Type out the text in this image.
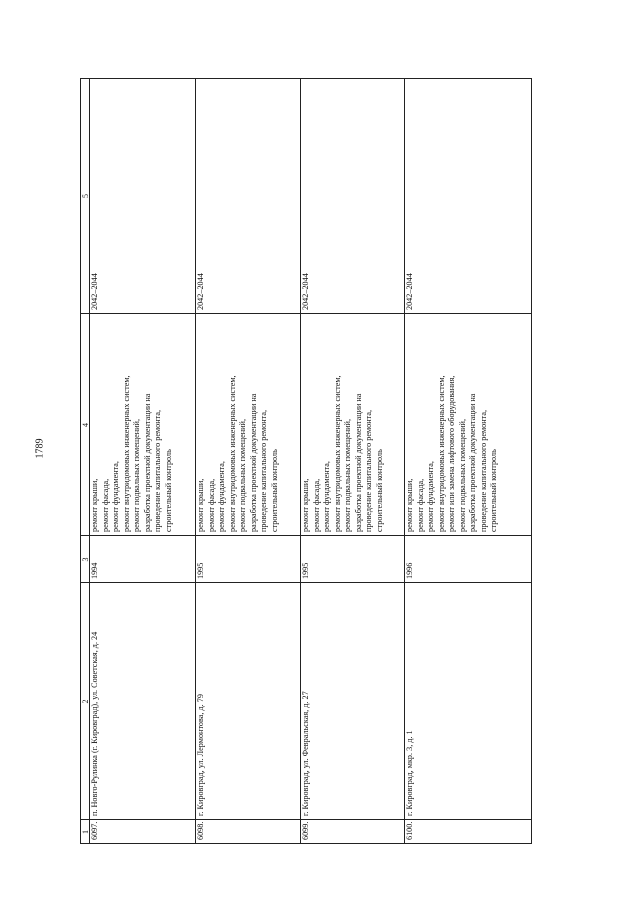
1789
1
2
3
4
5
6097.
п. Новго-Рулинка (г. Кировград), ул. Советская, д. 24
1994
ремонт крыши, ремонт фасада, ремонт фундамента, ремонт внутридомовых инженерных систем, ремонт подвальных помещений, разработка проектной документации на проведение капитального ремонта, строительный контроль
2042–2044
6098.
г. Кировград, ул. Лермонтова, д. 79
1995
ремонт крыши, ремонт фасада, ремонт фундамента, ремонт внутридомовых инженерных систем, ремонт подвальных помещений, разработка проектной документации на проведение капитального ремонта, строительный контроль
2042–2044
6099.
г. Кировград, ул. Февральская, д. 27
1995
ремонт крыши, ремонт фасада, ремонт фундамента, ремонт внутридомовых инженерных систем, ремонт подвальных помещений, разработка проектной документации на проведение капитального ремонта, строительный контроль
2042–2044
6100.
г. Кировград, мкр. 3, д. 1
1996
ремонт крыши, ремонт фасада, ремонт фундамента, ремонт внутридомовых инженерных систем, ремонт или замена лифтового оборудования, ремонт подвальных помещений, разработка проектной документации на проведение капитального ремонта, строительный контроль
2042–2044
